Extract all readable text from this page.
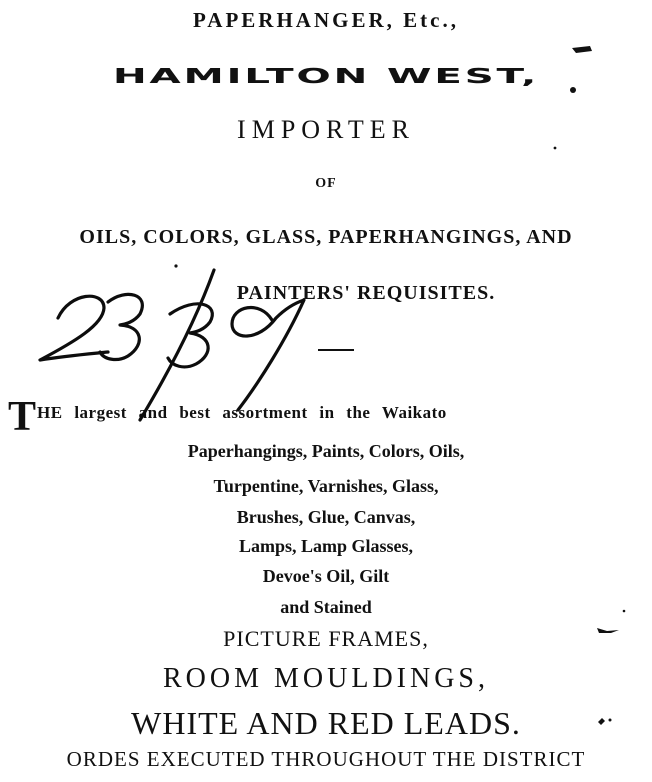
PAPERHANGER, Etc.,
HAMILTON WEST,
IMPORTER
OF
OILS, COLORS, GLASS, PAPERHANGINGS, AND
PAINTERS' REQUISITES.
THE largest and best assortment in the Waikato
Paperhangings, Paints, Colors, Oils,
Turpentine, Varnishes, Glass,
Brushes, Glue, Canvas,
Lamps, Lamp Glasses,
Devoe's Oil, Gilt
and Stained
PICTURE FRAMES,
ROOM MOULDINGS,
WHITE AND RED LEADS.
ORDES EXECUTED THROUGHOUT THE DISTRICT
